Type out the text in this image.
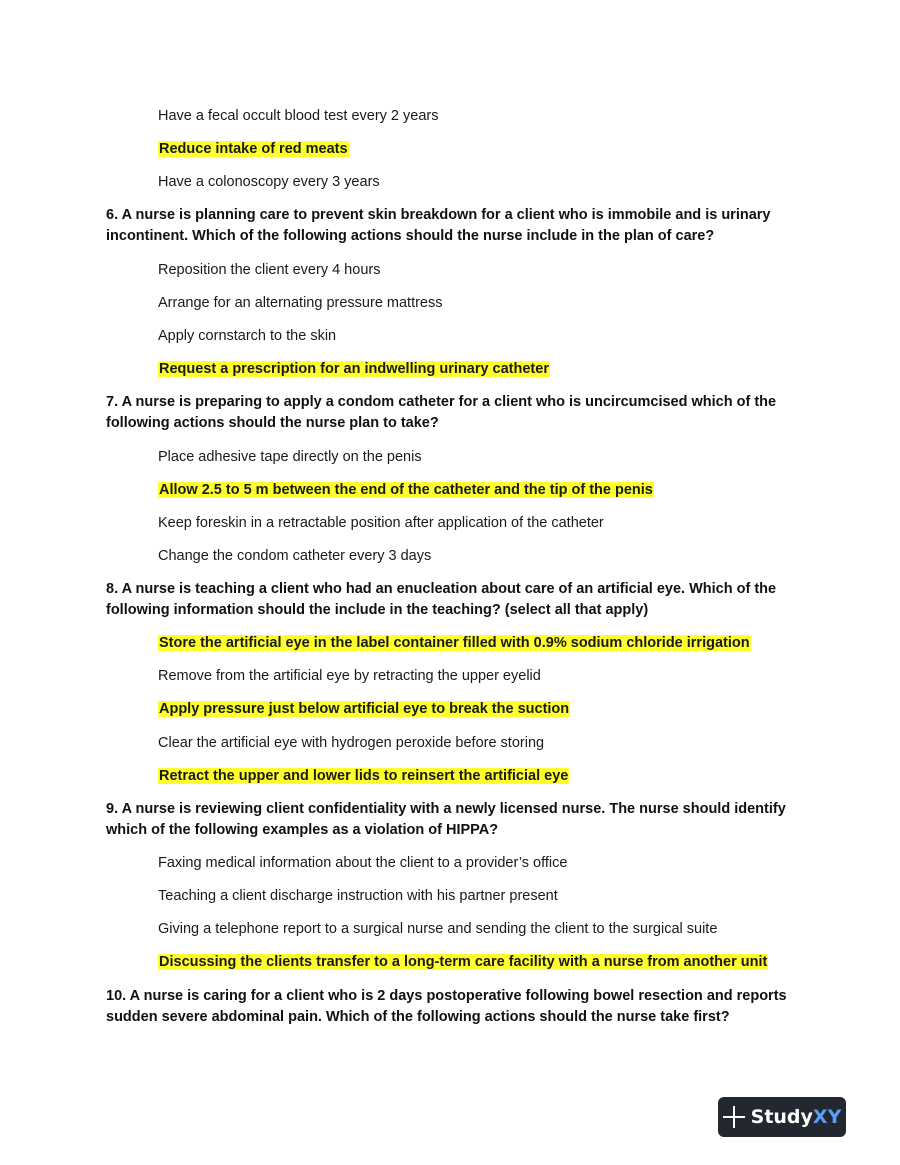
Have a fecal occult blood test every 2 years
Reduce intake of red meats
Have a colonoscopy every 3 years
6. A nurse is planning care to prevent skin breakdown for a client who is immobile and is urinary incontinent. Which of the following actions should the nurse include in the plan of care?
Reposition the client every 4 hours
Arrange for an alternating pressure mattress
Apply cornstarch to the skin
Request a prescription for an indwelling urinary catheter
7. A nurse is preparing to apply a condom catheter for a client who is uncircumcised which of the following actions should the nurse plan to take?
Place adhesive tape directly on the penis
Allow 2.5 to 5 m between the end of the catheter and the tip of the penis
Keep foreskin in a retractable position after application of the catheter
Change the condom catheter every 3 days
8. A nurse is teaching a client who had an enucleation about care of an artificial eye. Which of the following information should the include in the teaching? (select all that apply)
Store the artificial eye in the label container filled with 0.9% sodium chloride irrigation
Remove from the artificial eye by retracting the upper eyelid
Apply pressure just below artificial eye to break the suction
Clear the artificial eye with hydrogen peroxide before storing
Retract the upper and lower lids to reinsert the artificial eye
9. A nurse is reviewing client confidentiality with a newly licensed nurse. The nurse should identify which of the following examples as a violation of HIPPA?
Faxing medical information about the client to a provider’s office
Teaching a client discharge instruction with his partner present
Giving a telephone report to a surgical nurse and sending the client to the surgical suite
Discussing the clients transfer to a long-term care facility with a nurse from another unit
10. A nurse is caring for a client who is 2 days postoperative following bowel resection and reports sudden severe abdominal pain. Which of the following actions should the nurse take first?
StudyXY
